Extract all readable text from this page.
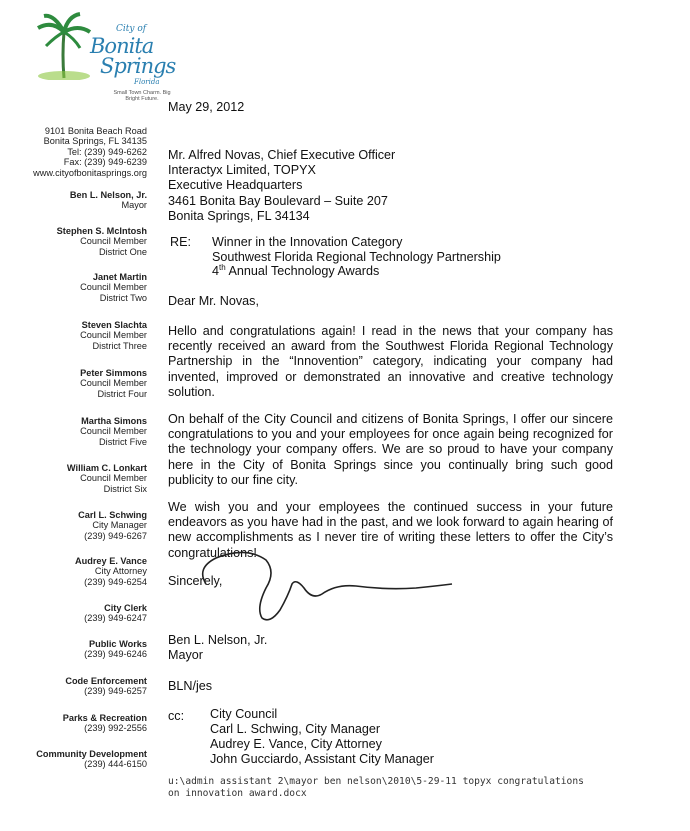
City of
Bonita
Springs
Florida
Small Town Charm. Big Bright Future.
9101 Bonita Beach Road
Bonita Springs, FL 34135
Tel: (239) 949-6262
Fax: (239) 949-6239
www.cityofbonitasprings.org
Ben L. Nelson, Jr.
Mayor
Stephen S. McIntosh
Council Member
District One
Janet Martin
Council Member
District Two
Steven Slachta
Council Member
District Three
Peter Simmons
Council Member
District Four
Martha Simons
Council Member
District Five
William C. Lonkart
Council Member
District Six
Carl L. Schwing
City Manager
(239) 949-6267
Audrey E. Vance
City Attorney
(239) 949-6254
City Clerk
(239) 949-6247
Public Works
(239) 949-6246
Code Enforcement
(239) 949-6257
Parks & Recreation
(239) 992-2556
Community Development
(239) 444-6150
May 29, 2012
Mr. Alfred Novas, Chief Executive Officer
Interactyx Limited, TOPYX
Executive Headquarters
3461 Bonita Bay Boulevard – Suite 207
Bonita Springs, FL 34134
RE: Winner in the Innovation Category
Southwest Florida Regional Technology Partnership
4th Annual Technology Awards
Dear Mr. Novas,
Hello and congratulations again! I read in the news that your company has recently received an award from the Southwest Florida Regional Technology Partnership in the “Innovention” category, indicating your company had invented, improved or demonstrated an innovative and creative technology solution.
On behalf of the City Council and citizens of Bonita Springs, I offer our sincere congratulations to you and your employees for once again being recognized for the technology your company offers. We are so proud to have your company here in the City of Bonita Springs since you continually bring such good publicity to our fine city.
We wish you and your employees the continued success in your future endeavors as you have had in the past, and we look forward to again hearing of new accomplishments as I never tire of writing these letters to offer the City’s congratulations!
Sincerely,
Ben L. Nelson, Jr.
Mayor
BLN/jes
cc: City Council
Carl L. Schwing, City Manager
Audrey E. Vance, City Attorney
John Gucciardo, Assistant City Manager
u:\admin assistant 2\mayor ben nelson\2010\5-29-11 topyx congratulations on innovation award.docx
